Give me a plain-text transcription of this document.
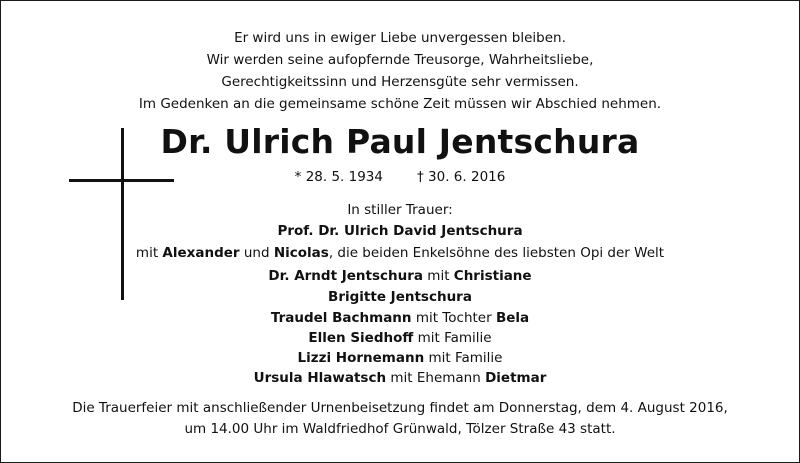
Er wird uns in ewiger Liebe unvergessen bleiben.
Wir werden seine aufopfernde Treusorge, Wahrheitsliebe,
Gerechtigkeitssinn und Herzensgüte sehr vermissen.
Im Gedenken an die gemeinsame schöne Zeit müssen wir Abschied nehmen.
Dr. Ulrich Paul Jentschura
* 28. 5. 1934	† 30. 6. 2016
In stiller Trauer:
Prof. Dr. Ulrich David Jentschura
mit Alexander und Nicolas, die beiden Enkelsöhne des liebsten Opi der Welt
Dr. Arndt Jentschura mit Christiane
Brigitte Jentschura
Traudel Bachmann mit Tochter Bela
Ellen Siedhoff mit Familie
Lizzi Hornemann mit Familie
Ursula Hlawatsch mit Ehemann Dietmar
Die Trauerfeier mit anschließender Urnenbeisetzung findet am Donnerstag, dem 4. August 2016,
um 14.00 Uhr im Waldfriedhof Grünwald, Tölzer Straße 43 statt.
